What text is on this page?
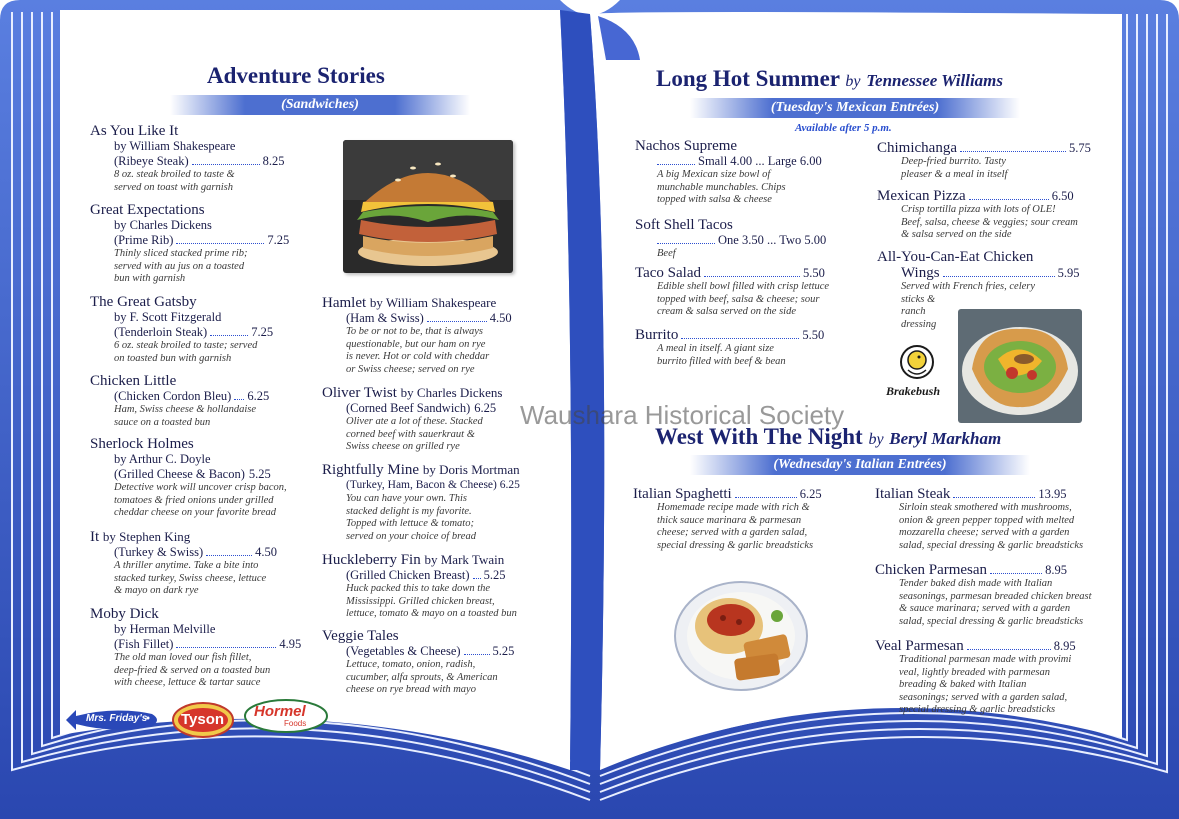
Adventure Stories
(Sandwiches)
As You Like It
by William Shakespeare
(Ribeye Steak)	8.25
8 oz. steak broiled to taste &
served on toast with garnish
Great Expectations
by Charles Dickens
(Prime Rib)	7.25
Thinly sliced stacked prime rib;
served with au jus on a toasted
bun with garnish
The Great Gatsby
by F. Scott Fitzgerald
(Tenderloin Steak)	7.25
6 oz. steak broiled to taste; served
on toasted bun with garnish
Chicken Little
(Chicken Cordon Bleu) 6.25
Ham, Swiss cheese & hollandaise
sauce on a toasted bun
Sherlock Holmes
by Arthur C. Doyle
(Grilled Cheese & Bacon) 5.25
Detective work will uncover crisp bacon,
tomatoes & fried onions under grilled
cheddar cheese on your favorite bread
It by Stephen King
(Turkey & Swiss)	4.50
A thriller anytime. Take a bite into
stacked turkey, Swiss cheese, lettuce
& mayo on dark rye
Moby Dick
by Herman Melville
(Fish Fillet)	4.95
The old man loved our fish fillet,
deep-fried & served on a toasted bun
with cheese, lettuce & tartar sauce
Hamlet by William Shakespeare
(Ham & Swiss)	4.50
To be or not to be, that is always
questionable, but our ham on rye
is never. Hot or cold with cheddar
or Swiss cheese; served on rye
Oliver Twist by Charles Dickens
(Corned Beef Sandwich) 6.25
Oliver ate a lot of these. Stacked
corned beef with sauerkraut &
Swiss cheese on grilled rye
Rightfully Mine by Doris Mortman
(Turkey, Ham, Bacon & Cheese) 6.25
You can have your own. This
stacked delight is my favorite.
Topped with lettuce & tomato;
served on your choice of bread
Huckleberry Fin by Mark Twain
(Grilled Chicken Breast) 5.25
Huck packed this to take down the
Mississippi. Grilled chicken breast,
lettuce, tomato & mayo on a toasted bun
Veggie Tales
(Vegetables & Cheese)	5.25
Lettuce, tomato, onion, radish,
cucumber, alfa sprouts, & American
cheese on rye bread with mayo
Mrs. Friday's Tyson Hormel
Foods
Long Hot Summer by Tennessee Williams
(Tuesday's Mexican Entrées)
Available after 5 p.m.
Nachos Supreme
Small 4.00 ... Large 6.00
A big Mexican size bowl of
munchable munchables. Chips
topped with salsa & cheese
Soft Shell Tacos
One 3.50 ... Two 5.00
Beef
Taco Salad	5.50
Edible shell bowl filled with crisp lettuce
topped with beef, salsa & cheese; sour
cream & salsa served on the side
Burrito	5.50
A meal in itself. A giant size
burrito filled with beef & bean
Chimichanga	5.75
Deep-fried burrito. Tasty
pleaser & a meal in itself
Mexican Pizza	6.50
Crisp tortilla pizza with lots of OLE!
Beef, salsa, cheese & veggies; sour cream
& salsa served on the side
All-You-Can-Eat Chicken
Wings	5.95
Served with French fries, celery
sticks &
ranch
dressing
Brakebush
Waushara Historical Society
West With The Night by Beryl Markham
(Wednesday's Italian Entrées)
Italian Spaghetti	6.25
Homemade recipe made with rich &
thick sauce marinara & parmesan
cheese; served with a garden salad,
special dressing & garlic breadsticks
Italian Steak	13.95
Sirloin steak smothered with mushrooms,
onion & green pepper topped with melted
mozzarella cheese; served with a garden
salad, special dressing & garlic breadsticks
Chicken Parmesan	8.95
Tender baked dish made with Italian
seasonings, parmesan breaded chicken breast
& sauce marinara; served with a garden
salad, special dressing & garlic breadsticks
Veal Parmesan	8.95
Traditional parmesan made with provimi
veal, lightly breaded with parmesan
breading & baked with Italian
seasonings; served with a garden salad,
special dressing & garlic breadsticks
